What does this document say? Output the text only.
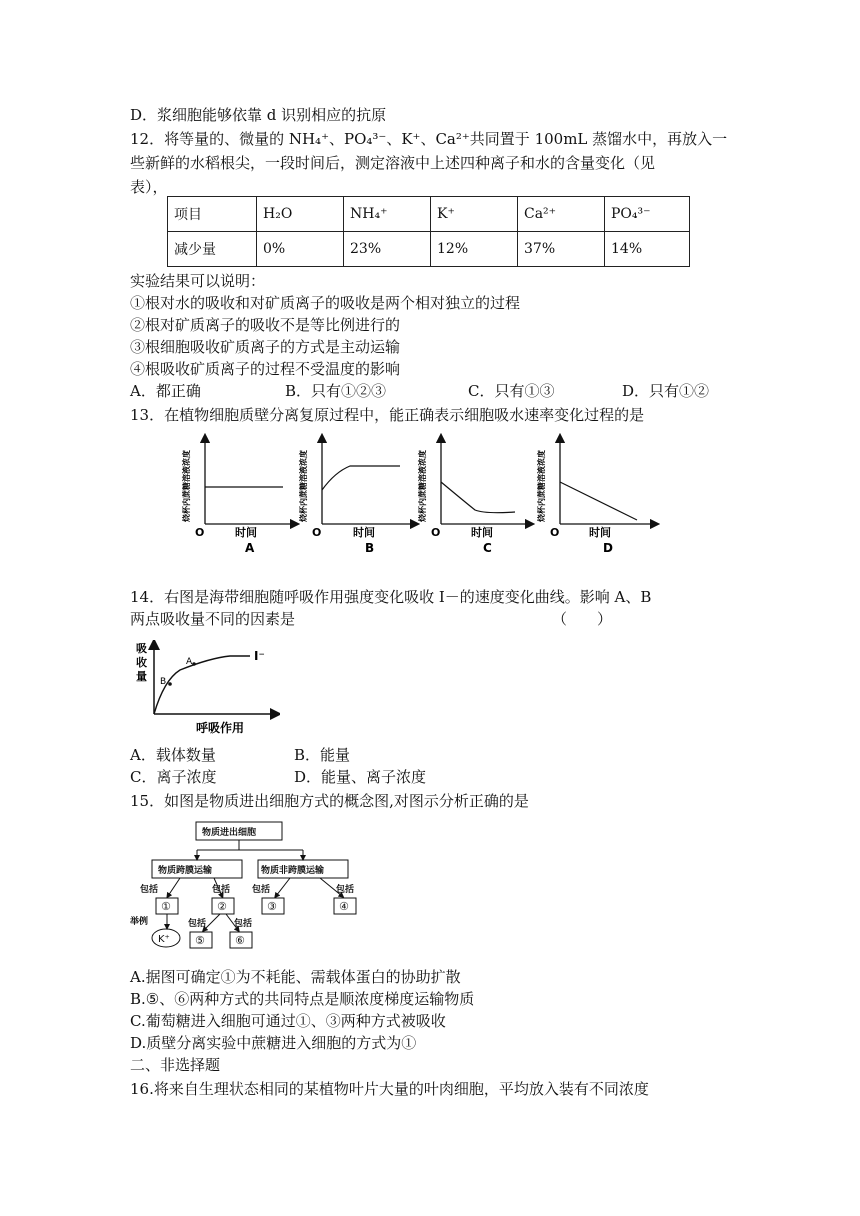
D．浆细胞能够依靠 d 识别相应的抗原
12．将等量的、微量的 NH₄⁺、PO₄³⁻、K⁺、Ca²⁺共同置于 100mL 蒸馏水中，再放入一
些新鲜的水稻根尖，一段时间后，测定溶液中上述四种离子和水的含量变化（见
表），
项目	H₂O	NH₄⁺	K⁺	Ca²⁺	PO₄³⁻
减少量	0%	23%	12%	37%	14%
实验结果可以说明：
①根对水的吸收和对矿质离子的吸收是两个相对独立的过程
②根对矿质离子的吸收不是等比例进行的
③根细胞吸收矿质离子的方式是主动运输
④根吸收矿质离子的过程不受温度的影响
A．都正确	B．只有①②③	C．只有①③	D．只有①②
13．在植物细胞质壁分离复原过程中，能正确表示细胞吸水速率变化过程的是
烧杯内蔗糖溶液浓度
O	时间
A
烧杯内蔗糖溶液浓度
O	时间
B
烧杯内蔗糖溶液浓度
O	时间
C
烧杯内蔗糖溶液浓度
O	时间
D
14．右图是海带细胞随呼吸作用强度变化吸收 I－的速度变化曲线。影响 A、B
两点吸收量不同的因素是	（　　）
B
A	I⁻
吸
收
量
呼吸作用
A．载体数量	B．能量
C．离子浓度	D．能量、离子浓度
15．如图是物质进出细胞方式的概念图,对图示分析正确的是
物质进出细胞
物质跨膜运输	物质非跨膜运输
包括	包括 包括	包括
包括	包括
举例
①	②	③	④
⑤	⑥
K⁺
A.据图可确定①为不耗能、需载体蛋白的协助扩散
B.⑤、⑥两种方式的共同特点是顺浓度梯度运输物质
C.葡萄糖进入细胞可通过①、③两种方式被吸收
D.质壁分离实验中蔗糖进入细胞的方式为①
二、非选择题
16.将来自生理状态相同的某植物叶片大量的叶肉细胞，平均放入装有不同浓度
